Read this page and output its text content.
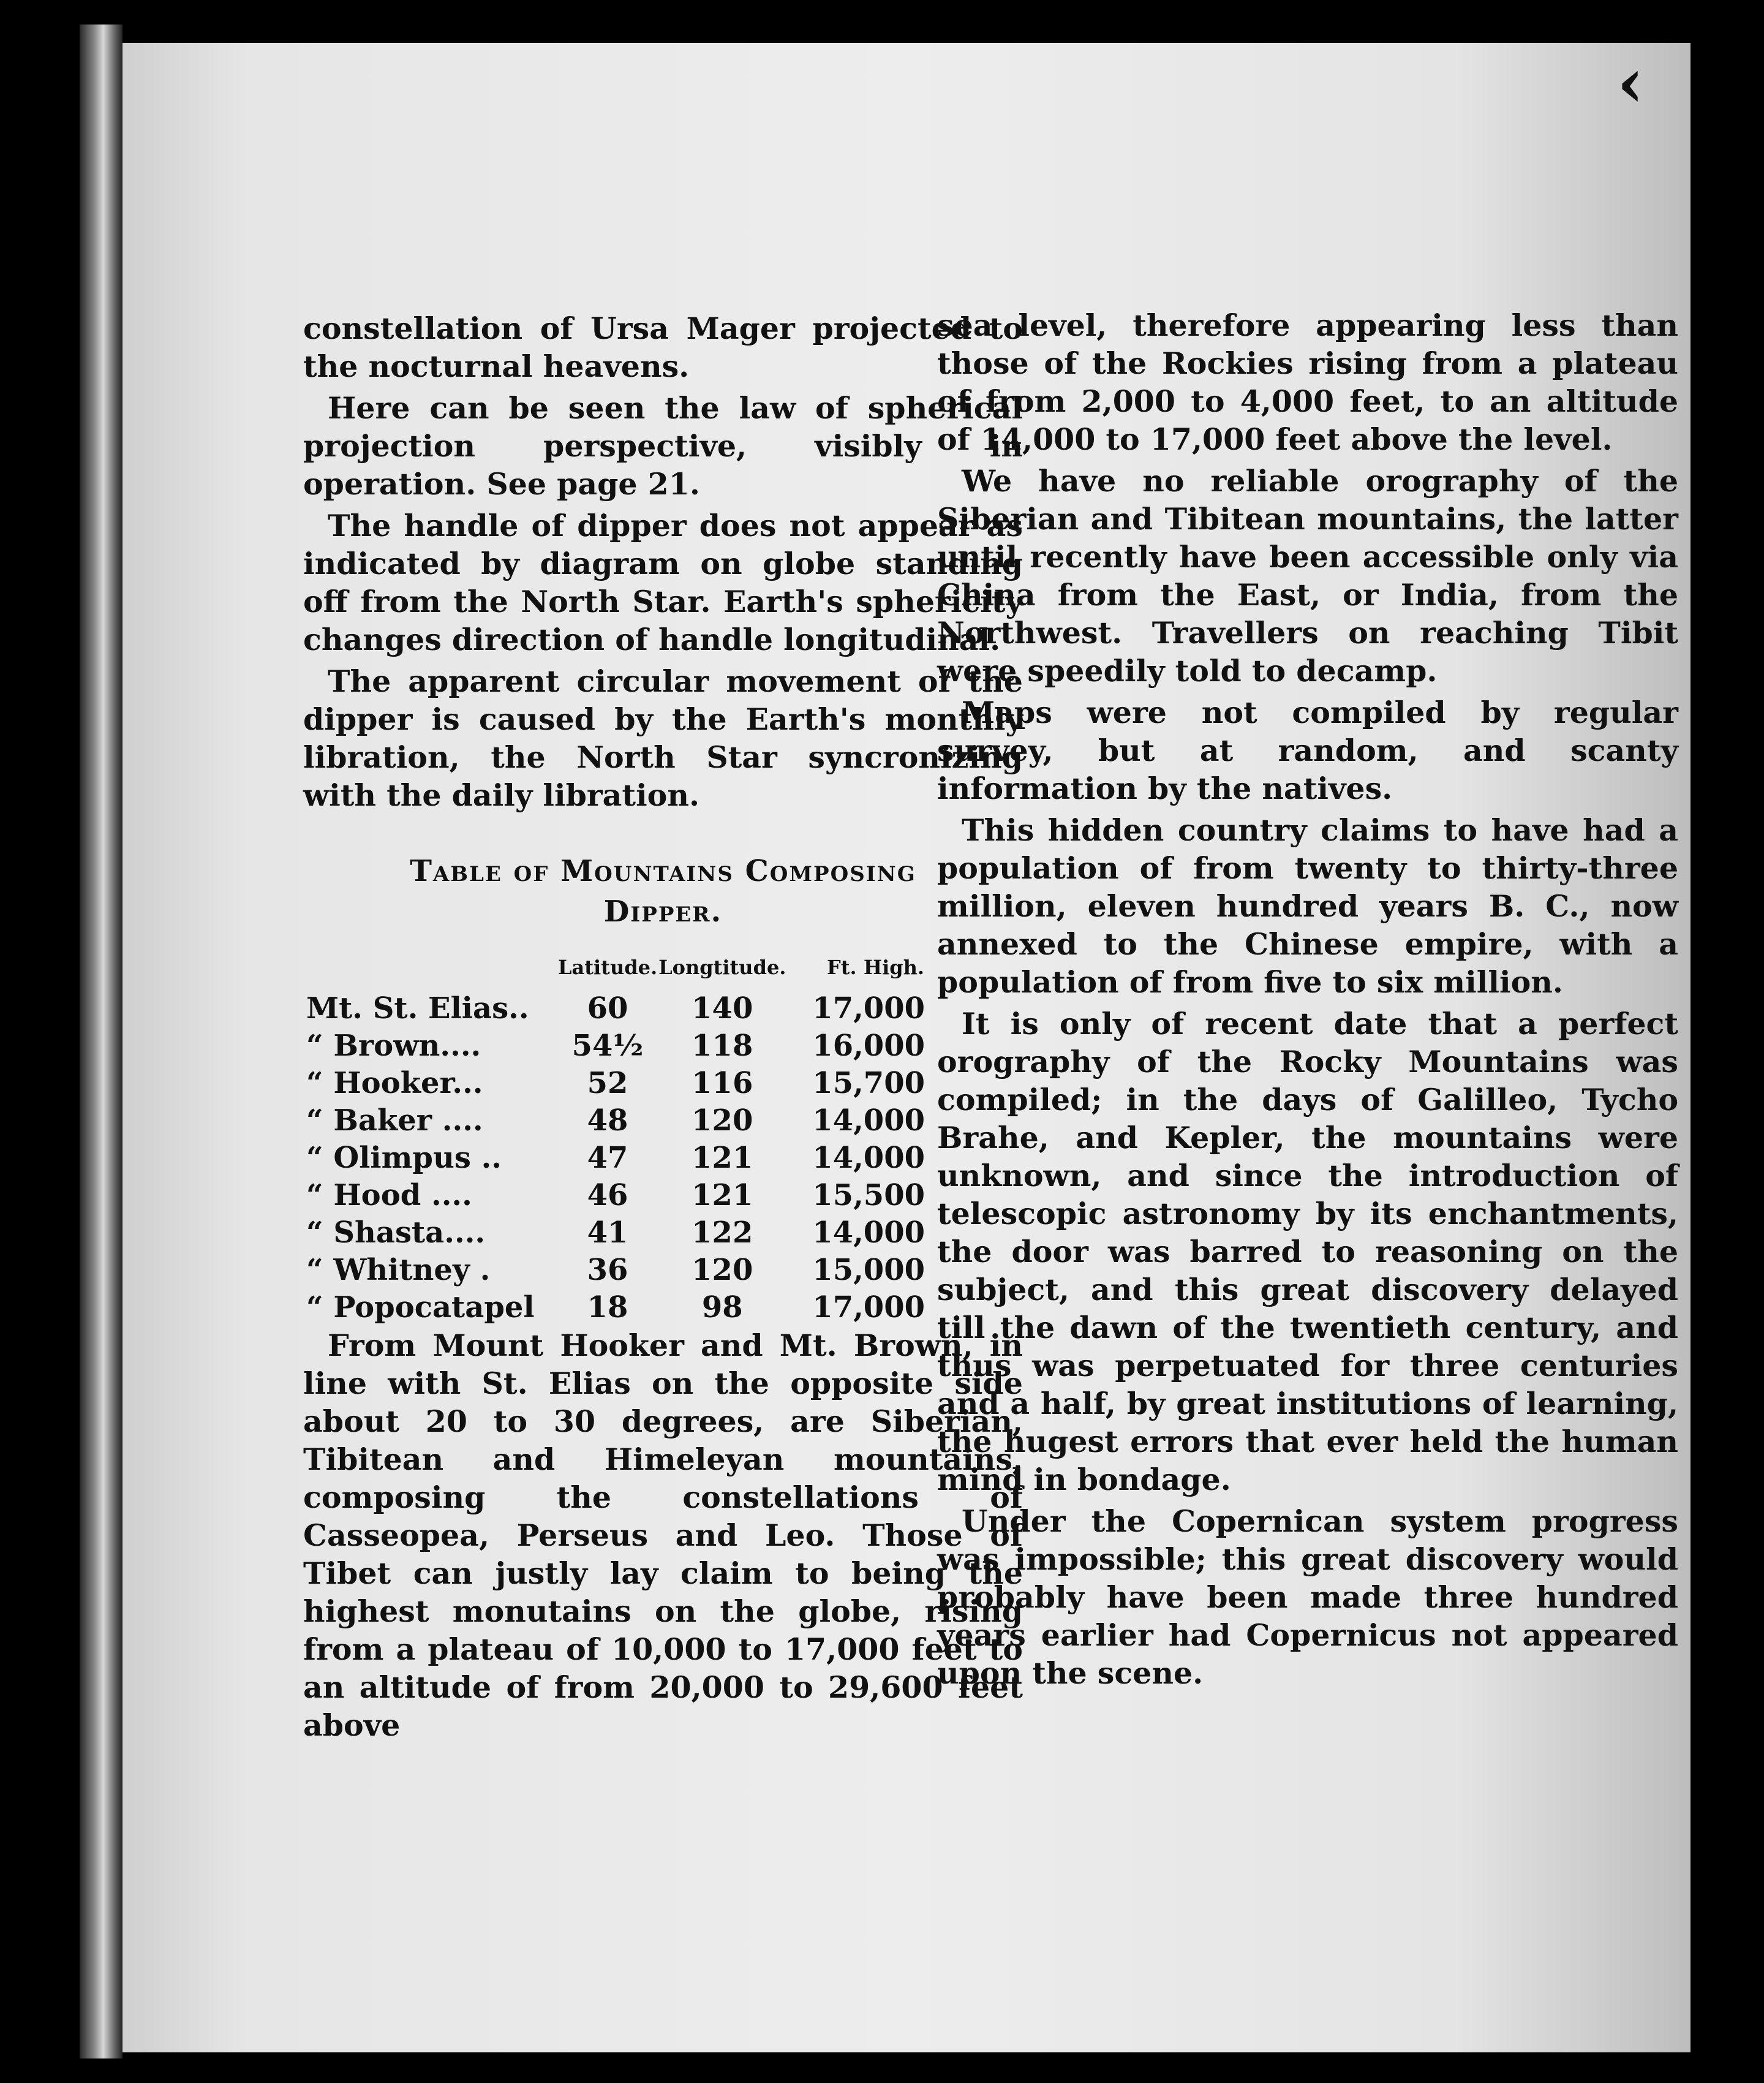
‹

constellation of Ursa Mager projected to the nocturnal heavens.

Here can be seen the law of spherical projection perspective, visibly in operation. See page 21.

The handle of dipper does not appear as indicated by diagram on globe standing off from the North Star. Earth's sphericity changes direction of handle longitudinal.

The apparent circular movement of the dipper is caused by the Earth's monthly libration, the North Star syncronizing with the daily libration.

Table of Mountains Composing
Dipper.
	Latitude.	Longtitude.	Ft. High.
Mt. St. Elias..	60	140	17,000
“ Brown....	54½	118	16,000
“ Hooker...	52	116	15,700
“ Baker ....	48	120	14,000
“ Olimpus ..	47	121	14,000
“ Hood ....	46	121	15,500
“ Shasta....	41	122	14,000
“ Whitney .	36	120	15,000
“ Popocatapel	18	98	17,000

From Mount Hooker and Mt. Brown, in line with St. Elias on the opposite side about 20 to 30 degrees, are Siberian, Tibitean and Himeleyan mountains, composing the constellations of Casseopea, Perseus and Leo. Those of Tibet can justly lay claim to being the highest monutains on the globe, rising from a plateau of 10,000 to 17,000 feet to an altitude of from 20,000 to 29,600 feet above

sea level, therefore appearing less than those of the Rockies rising from a plateau of from 2,000 to 4,000 feet, to an altitude of 14,000 to 17,000 feet above the level.

We have no reliable orography of the Siberian and Tibitean mountains, the latter until recently have been accessible only via China from the East, or India, from the Northwest. Travellers on reaching Tibit were speedily told to decamp.

Maps were not compiled by regular survey, but at random, and scanty information by the natives.

This hidden country claims to have had a population of from twenty to thirty-three million, eleven hundred years B. C., now annexed to the Chinese empire, with a population of from five to six million.

It is only of recent date that a perfect orography of the Rocky Mountains was compiled; in the days of Galilleo, Tycho Brahe, and Kepler, the mountains were unknown, and since the introduction of telescopic astronomy by its enchantments, the door was barred to reasoning on the subject, and this great discovery delayed till the dawn of the twentieth century, and thus was perpetuated for three centuries and a half, by great institutions of learning, the hugest errors that ever held the human mind in bondage.

Under the Copernican system progress was impossible; this great discovery would probably have been made three hundred years earlier had Copernicus not appeared upon the scene.
